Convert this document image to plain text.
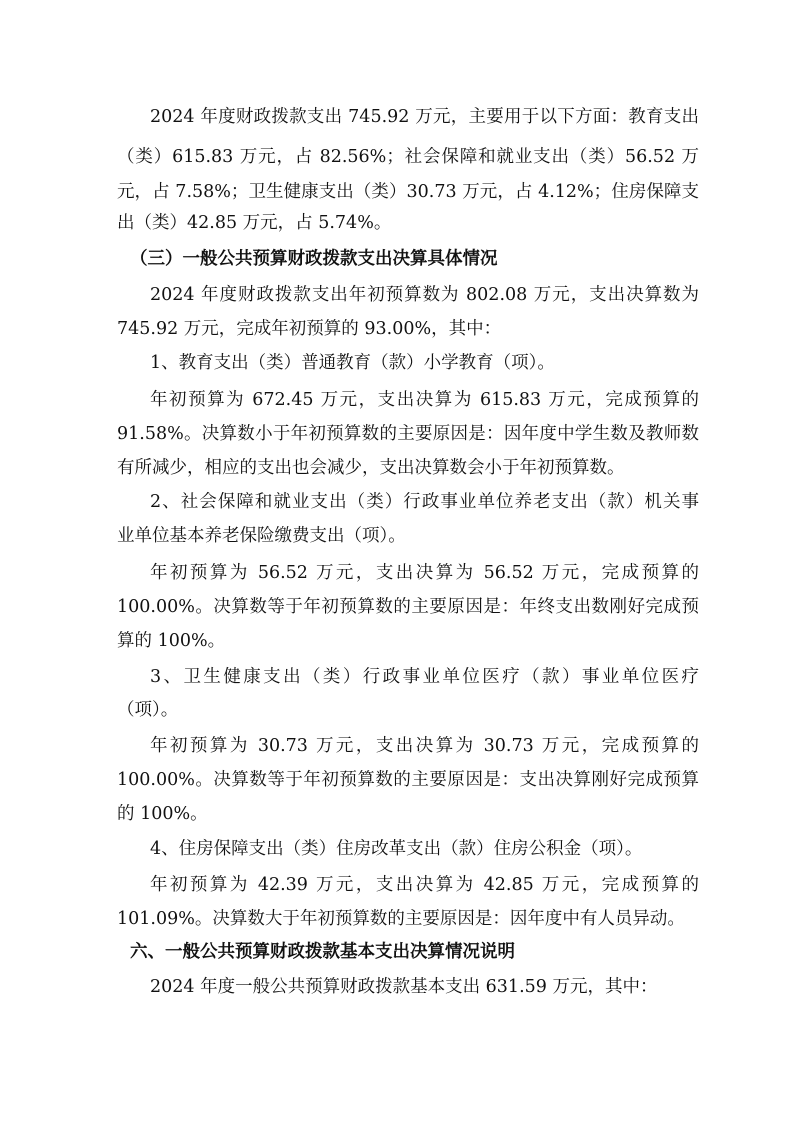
2024 年度财政拨款支出 745.92 万元，主要用于以下方面：教育支出
（类）615.83 万元，占 82.56%；社会保障和就业支出（类）56.52 万
元，占 7.58%；卫生健康支出（类）30.73 万元，占 4.12%；住房保障支
出（类）42.85 万元，占 5.74%。
（三）一般公共预算财政拨款支出决算具体情况
2024 年度财政拨款支出年初预算数为 802.08 万元，支出决算数为
745.92 万元，完成年初预算的 93.00%，其中：
1、教育支出（类）普通教育（款）小学教育（项）。
年初预算为 672.45 万元，支出决算为 615.83 万元，完成预算的
91.58%。决算数小于年初预算数的主要原因是：因年度中学生数及教师数
有所减少，相应的支出也会减少，支出决算数会小于年初预算数。
2、社会保障和就业支出（类）行政事业单位养老支出（款）机关事
业单位基本养老保险缴费支出（项）。
年初预算为 56.52 万元，支出决算为 56.52 万元，完成预算的
100.00%。决算数等于年初预算数的主要原因是：年终支出数刚好完成预
算的 100%。
3、卫生健康支出（类）行政事业单位医疗（款）事业单位医疗
（项）。
年初预算为 30.73 万元，支出决算为 30.73 万元，完成预算的
100.00%。决算数等于年初预算数的主要原因是：支出决算刚好完成预算
的 100%。
4、住房保障支出（类）住房改革支出（款）住房公积金（项）。
年初预算为 42.39 万元，支出决算为 42.85 万元，完成预算的
101.09%。决算数大于年初预算数的主要原因是：因年度中有人员异动。
六、一般公共预算财政拨款基本支出决算情况说明
2024 年度一般公共预算财政拨款基本支出 631.59 万元，其中：
